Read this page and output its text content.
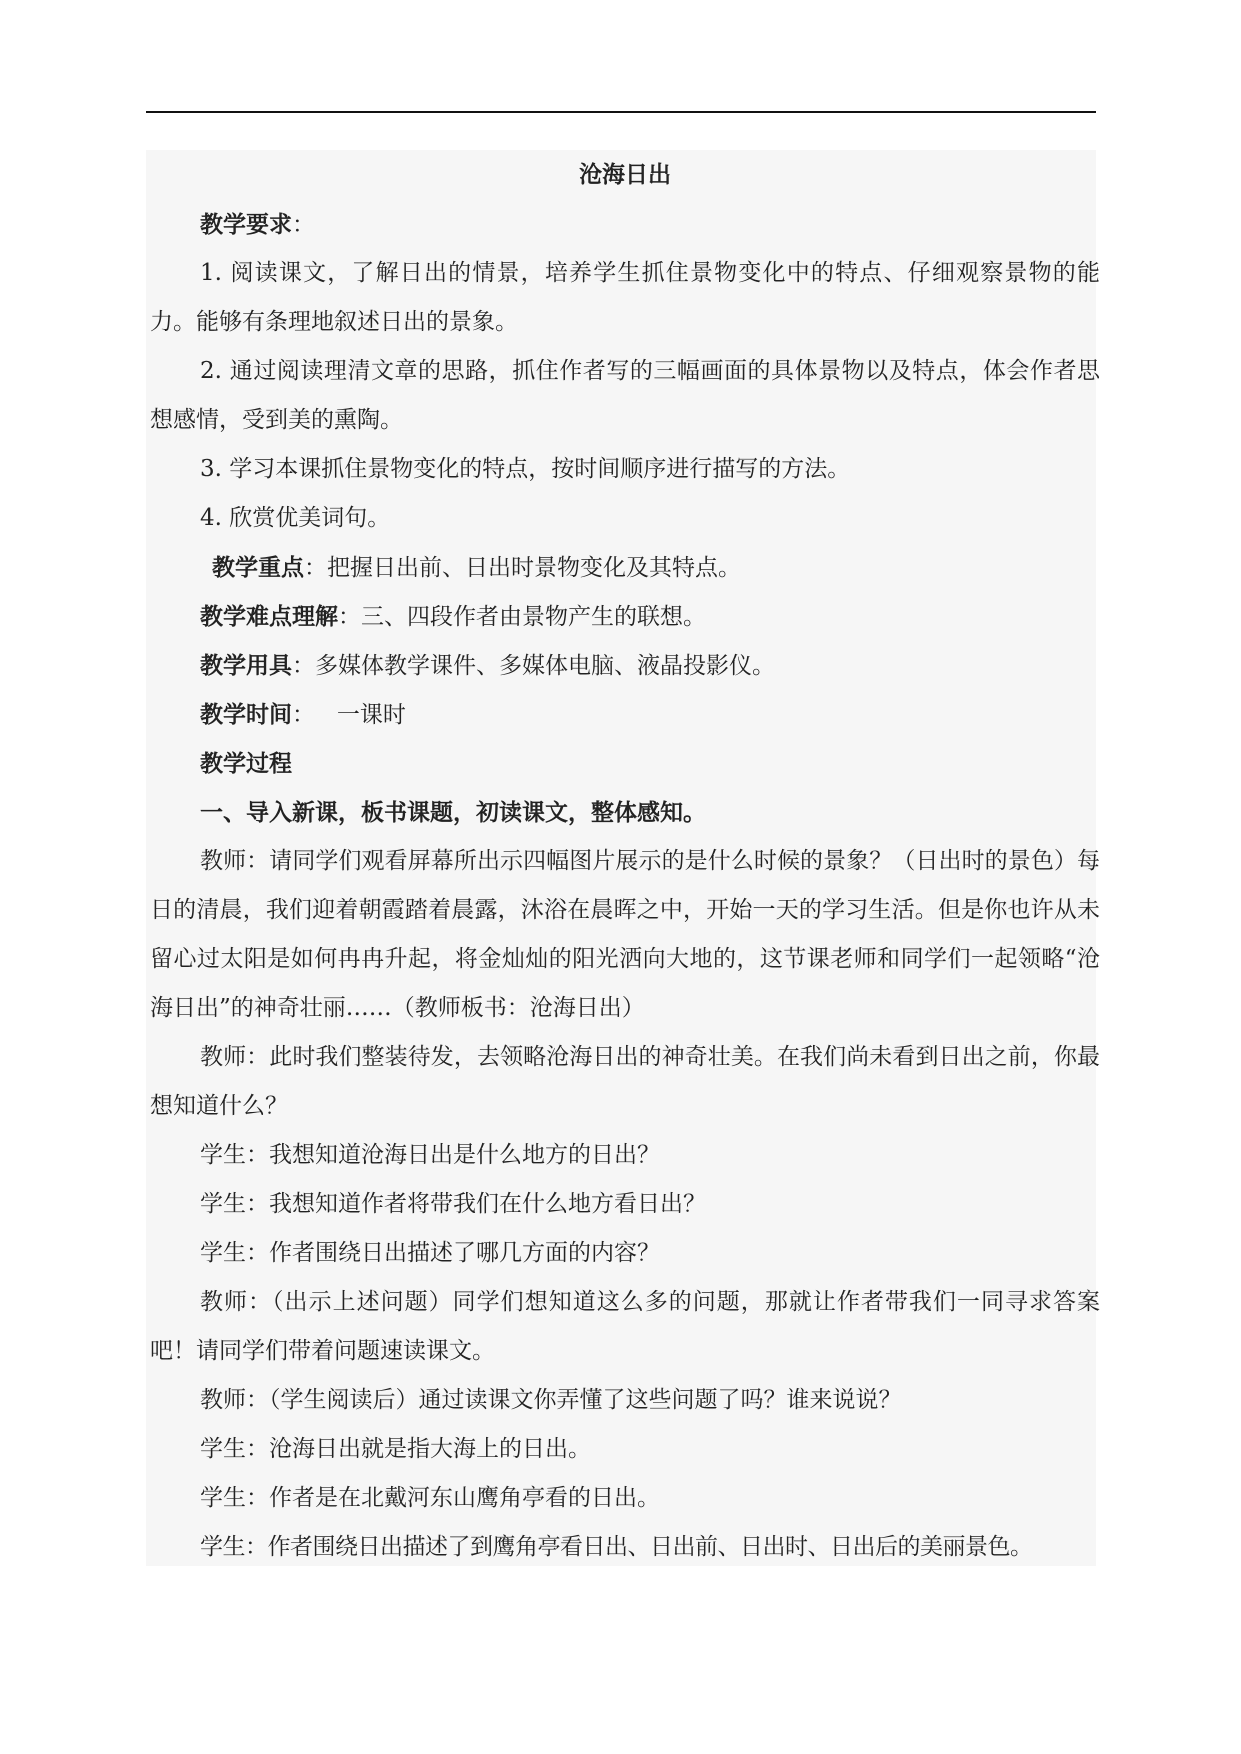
沧海日出
教学要求：

1. 阅读课文，了解日出的情景，培养学生抓住景物变化中的特点、仔细观察景物的能力。能够有条理地叙述日出的景象。

2. 通过阅读理清文章的思路，抓住作者写的三幅画面的具体景物以及特点，体会作者思想感情，受到美的熏陶。

3. 学习本课抓住景物变化的特点，按时间顺序进行描写的方法。

4. 欣赏优美词句。

教学重点：把握日出前、日出时景物变化及其特点。
教学难点理解：三、四段作者由景物产生的联想。
教学用具：多媒体教学课件、多媒体电脑、液晶投影仪。
教学时间：   一课时
教学过程
一、导入新课，板书课题，初读课文，整体感知。

教师：请同学们观看屏幕所出示四幅图片展示的是什么时候的景象？（日出时的景色）每日的清晨，我们迎着朝霞踏着晨露，沐浴在晨晖之中，开始一天的学习生活。但是你也许从未留心过太阳是如何冉冉升起，将金灿灿的阳光洒向大地的，这节课老师和同学们一起领略“沧海日出”的神奇壮丽……（教师板书：沧海日出）

教师：此时我们整装待发，去领略沧海日出的神奇壮美。在我们尚未看到日出之前，你最想知道什么？

学生：我想知道沧海日出是什么地方的日出？

学生：我想知道作者将带我们在什么地方看日出？

学生：作者围绕日出描述了哪几方面的内容？

教师：（出示上述问题）同学们想知道这么多的问题，那就让作者带我们一同寻求答案吧！请同学们带着问题速读课文。

教师：（学生阅读后）通过读课文你弄懂了这些问题了吗？谁来说说？

学生：沧海日出就是指大海上的日出。

学生：作者是在北戴河东山鹰角亭看的日出。

学生：作者围绕日出描述了到鹰角亭看日出、日出前、日出时、日出后的美丽景色。
